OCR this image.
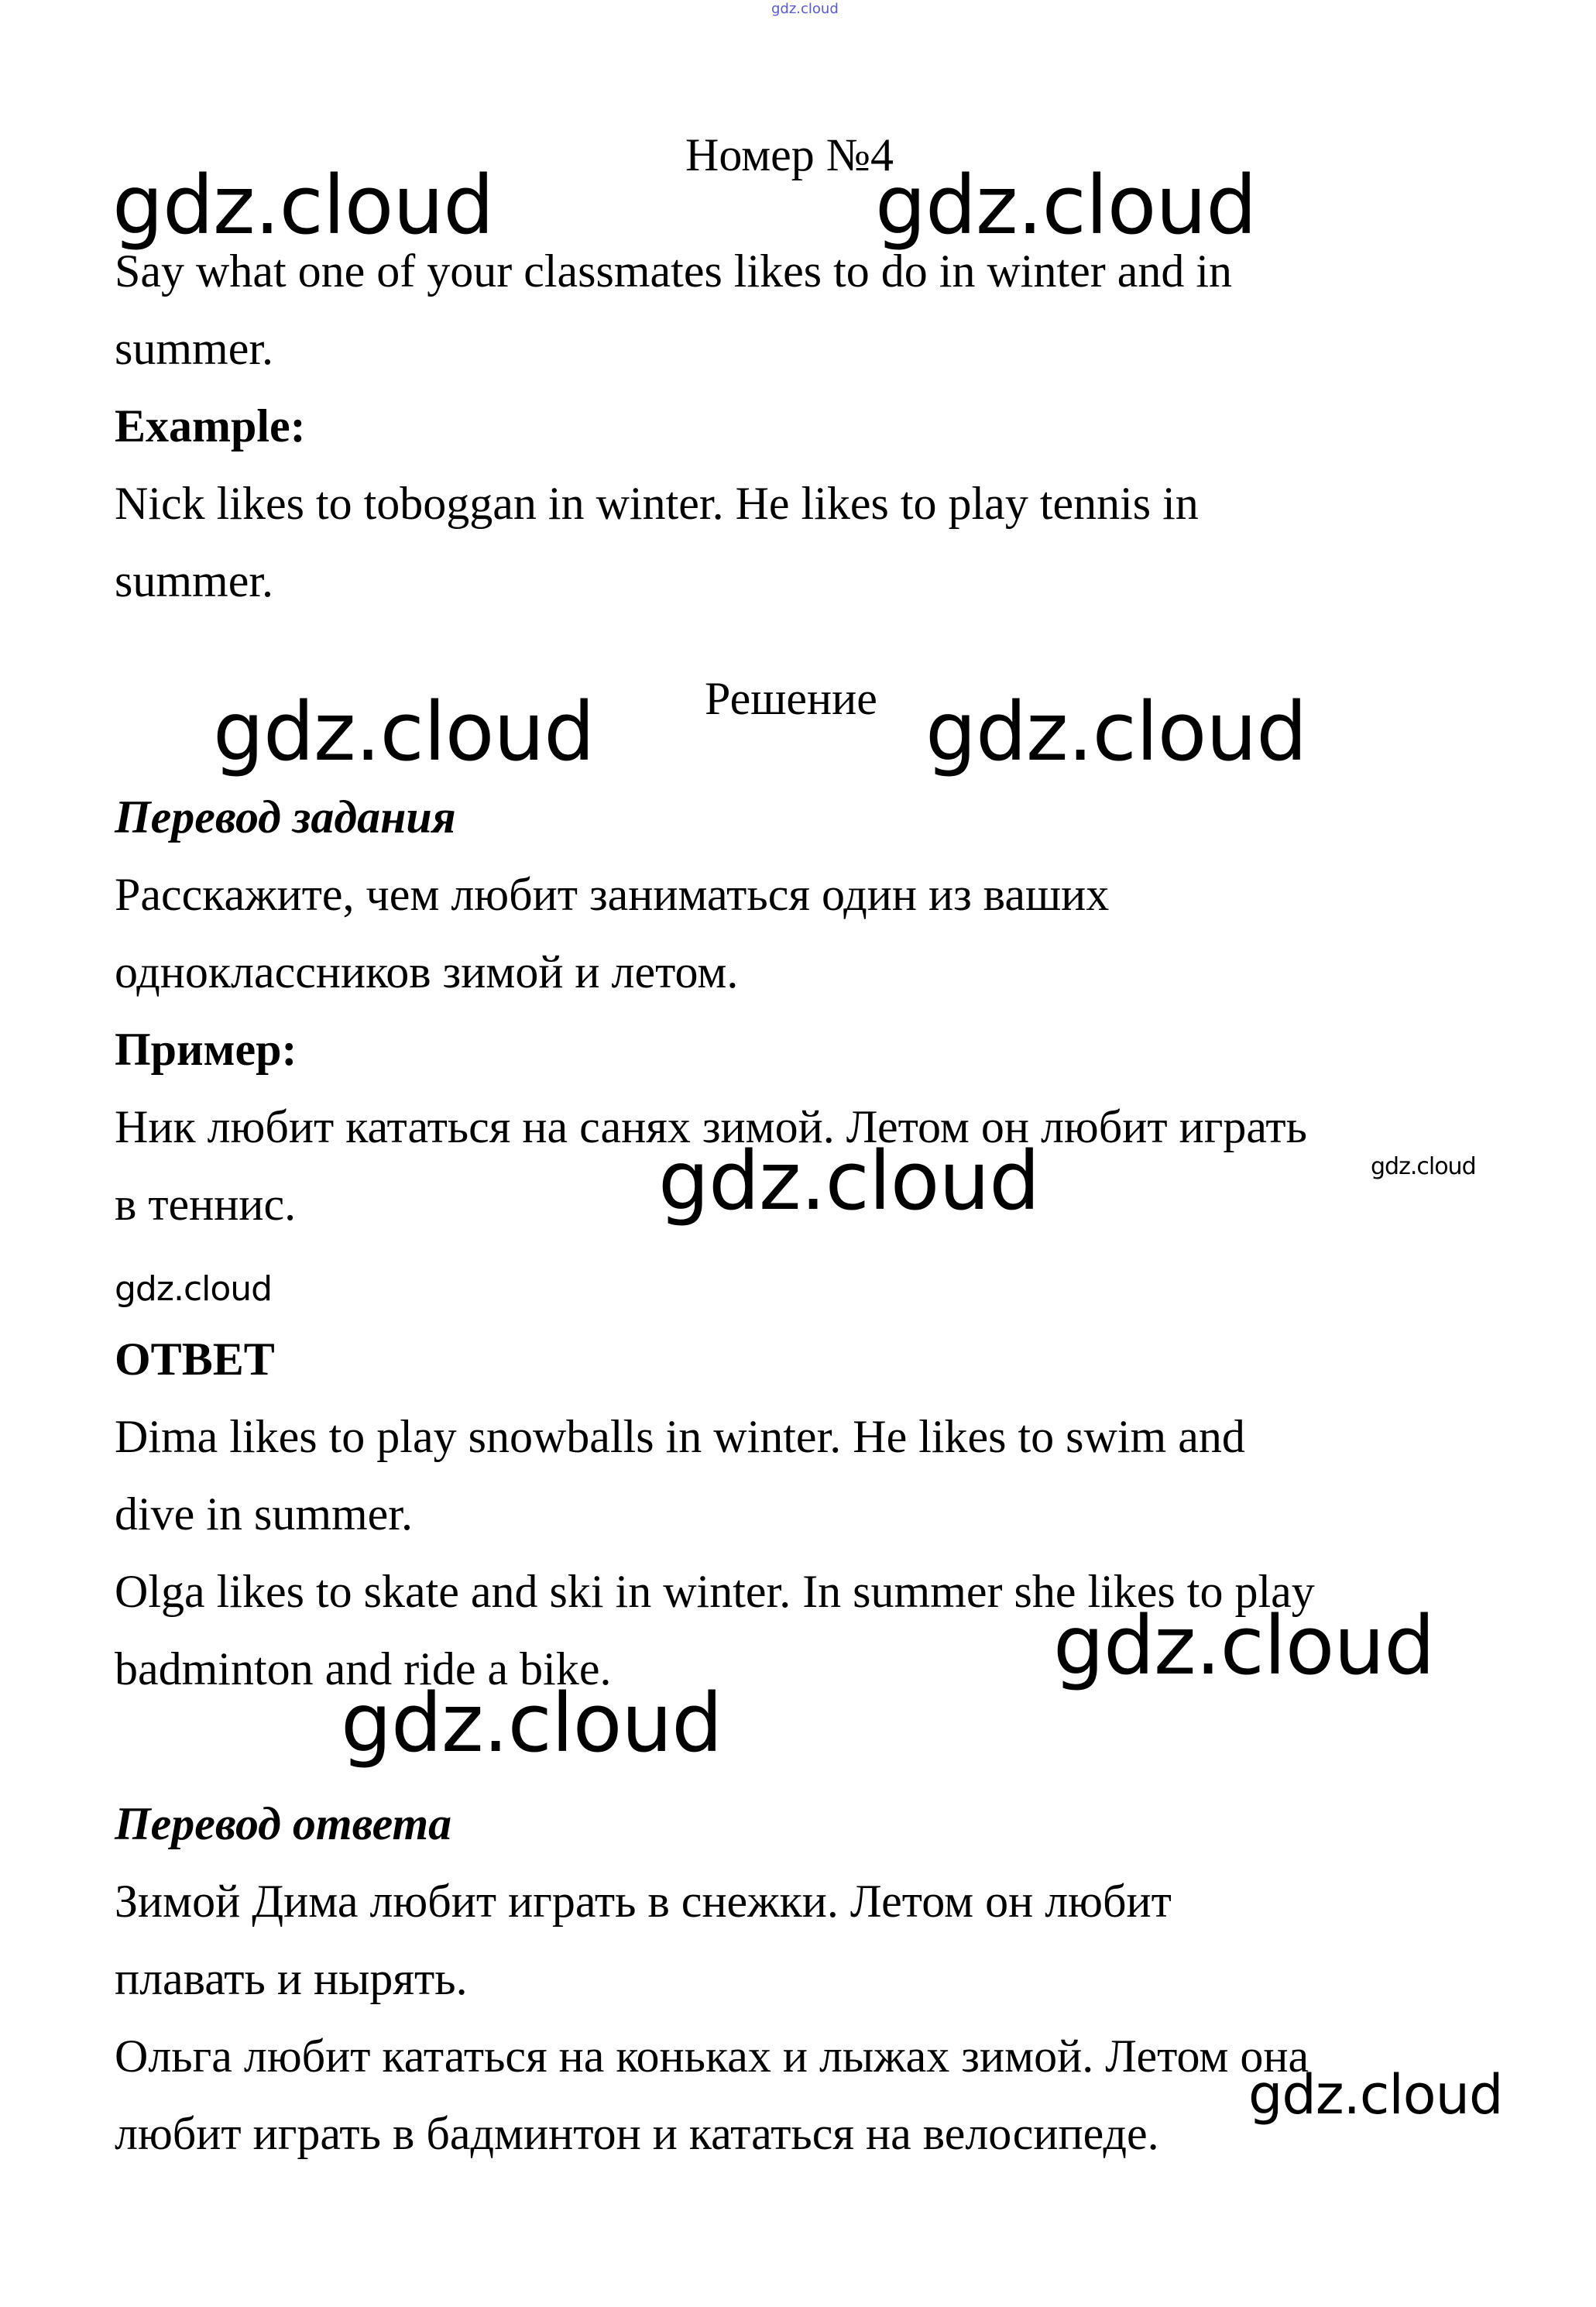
gdz.cloud
Номер №4
Say what one of your classmates likes to do in winter and in
summer.
Example:
Nick likes to toboggan in winter. He likes to play tennis in
summer.
Решение
Перевод задания
Расскажите, чем любит заниматься один из ваших
одноклассников зимой и летом.
Пример:
Ник любит кататься на санях зимой. Летом он любит играть
в теннис.
ОТВЕТ
Dima likes to play snowballs in winter. He likes to swim and
dive in summer.
Olga likes to skate and ski in winter. In summer she likes to play
badminton and ride a bike.
Перевод ответа
Зимой Дима любит играть в снежки. Летом он любит
плавать и нырять.
Ольга любит кататься на коньках и лыжах зимой. Летом она
любит играть в бадминтон и кататься на велосипеде.
gdz.cloud	gdz.cloud
gdz.cloud	gdz.cloud
gdz.cloud	gdz.cloud
gdz.cloud
gdz.cloud
gdz.cloud
gdz.cloud
